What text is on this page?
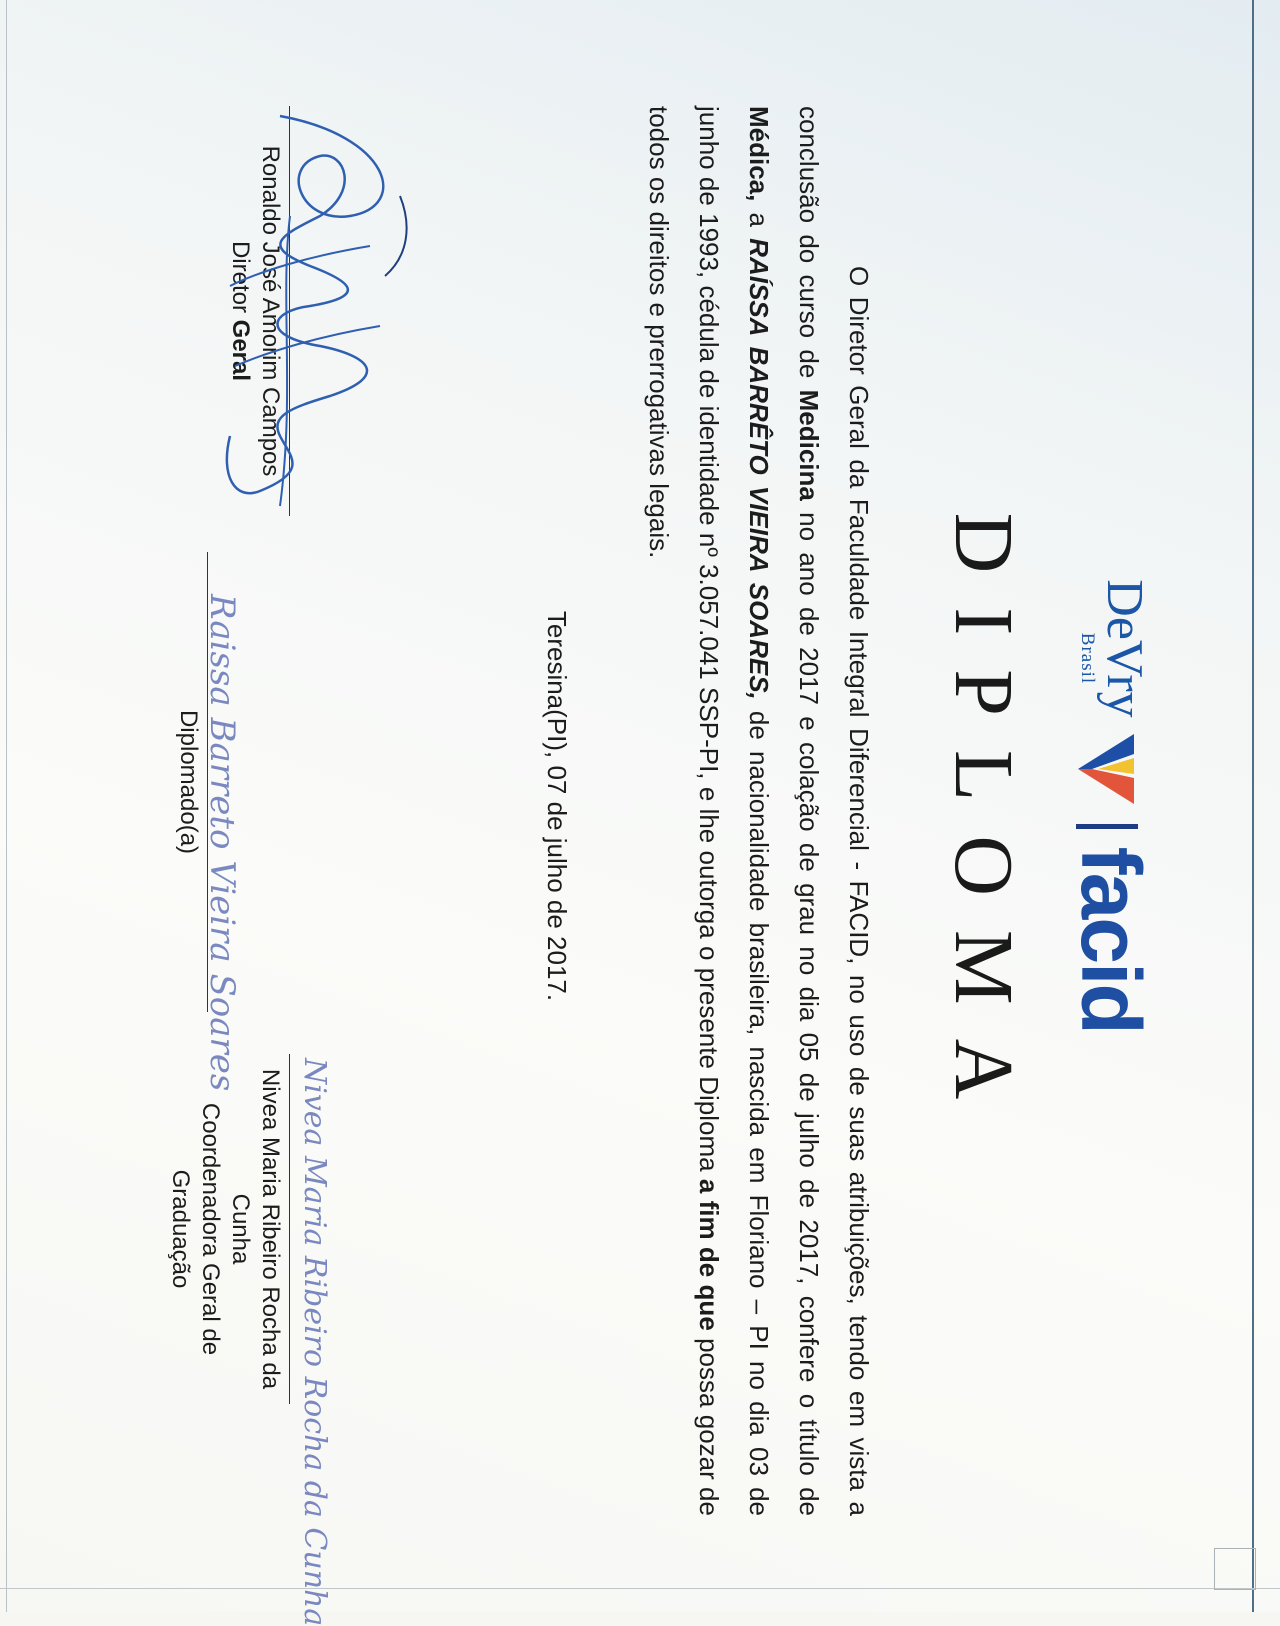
DeVry
Brasil
facid
DIPLOMA

O Diretor Geral da Faculdade Integral Diferencial - FACID, no uso de suas atribuições, tendo em vista a conclusão do curso de Medicina no ano de 2017 e colação de grau no dia 05 de julho de 2017, confere o título de Médica, a RAÍSSA BARRÊTO VIEIRA SOARES, de nacionalidade brasileira, nascida em Floriano – PI no dia 03 de junho de 1993, cédula de identidade nº 3.057.041 SSP-PI, e lhe outorga o presente Diploma a fim de que possa gozar de todos os direitos e prerrogativas legais.

Teresina(PI), 07 de julho de 2017.
Ronaldo José Amorim Campos
Diretor Geral
Raissa Barreto Vieira Soares
Diplomado(a)
Nivea Maria Ribeiro Rocha da Cunha
Nivea Maria Ribeiro Rocha da Cunha
Coordenadora Geral de Graduação
